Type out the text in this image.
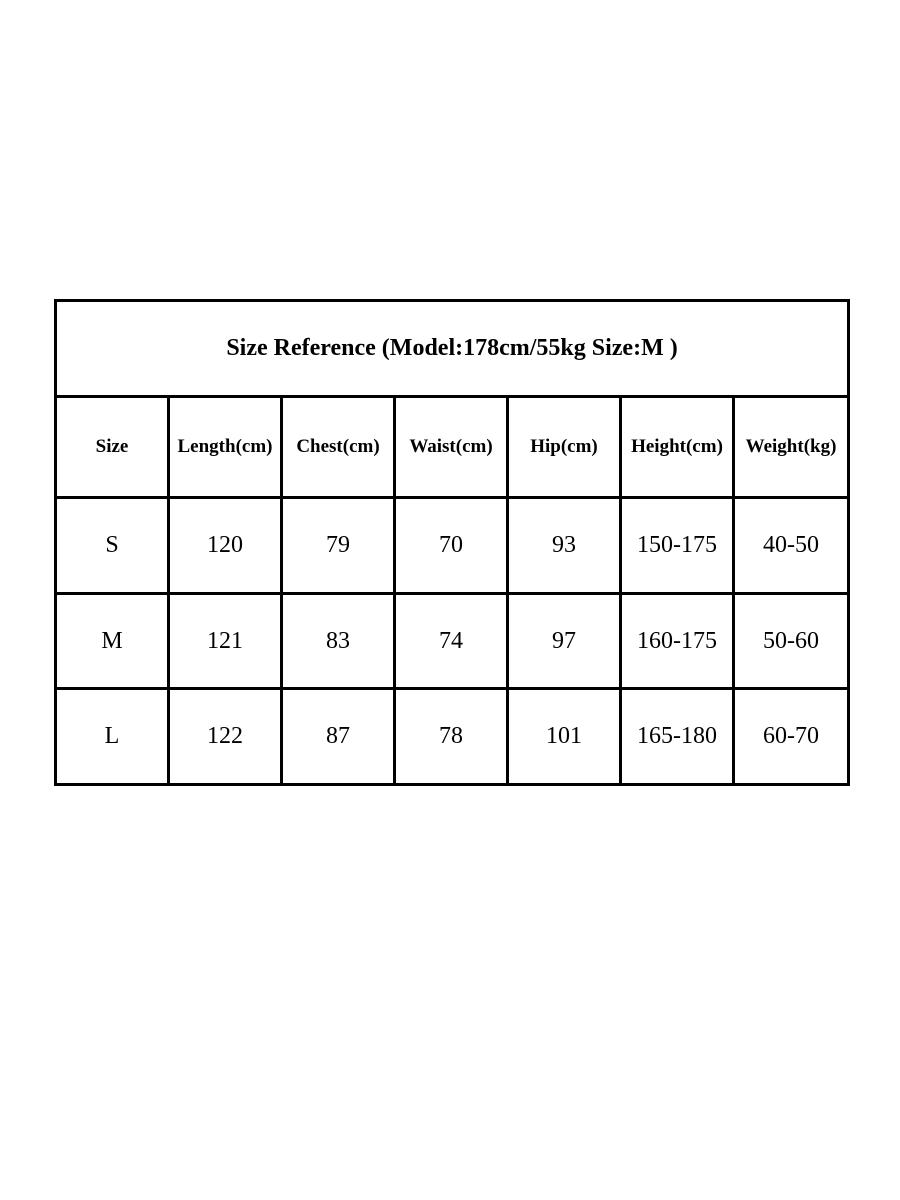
Size Reference (Model:178cm/55kg Size:M )						
Size	Length(cm)	Chest(cm)	Waist(cm)	Hip(cm)	Height(cm)	Weight(kg)
S	120	79	70	93	150-175	40-50
M	121	83	74	97	160-175	50-60
L	122	87	78	101	165-180	60-70
